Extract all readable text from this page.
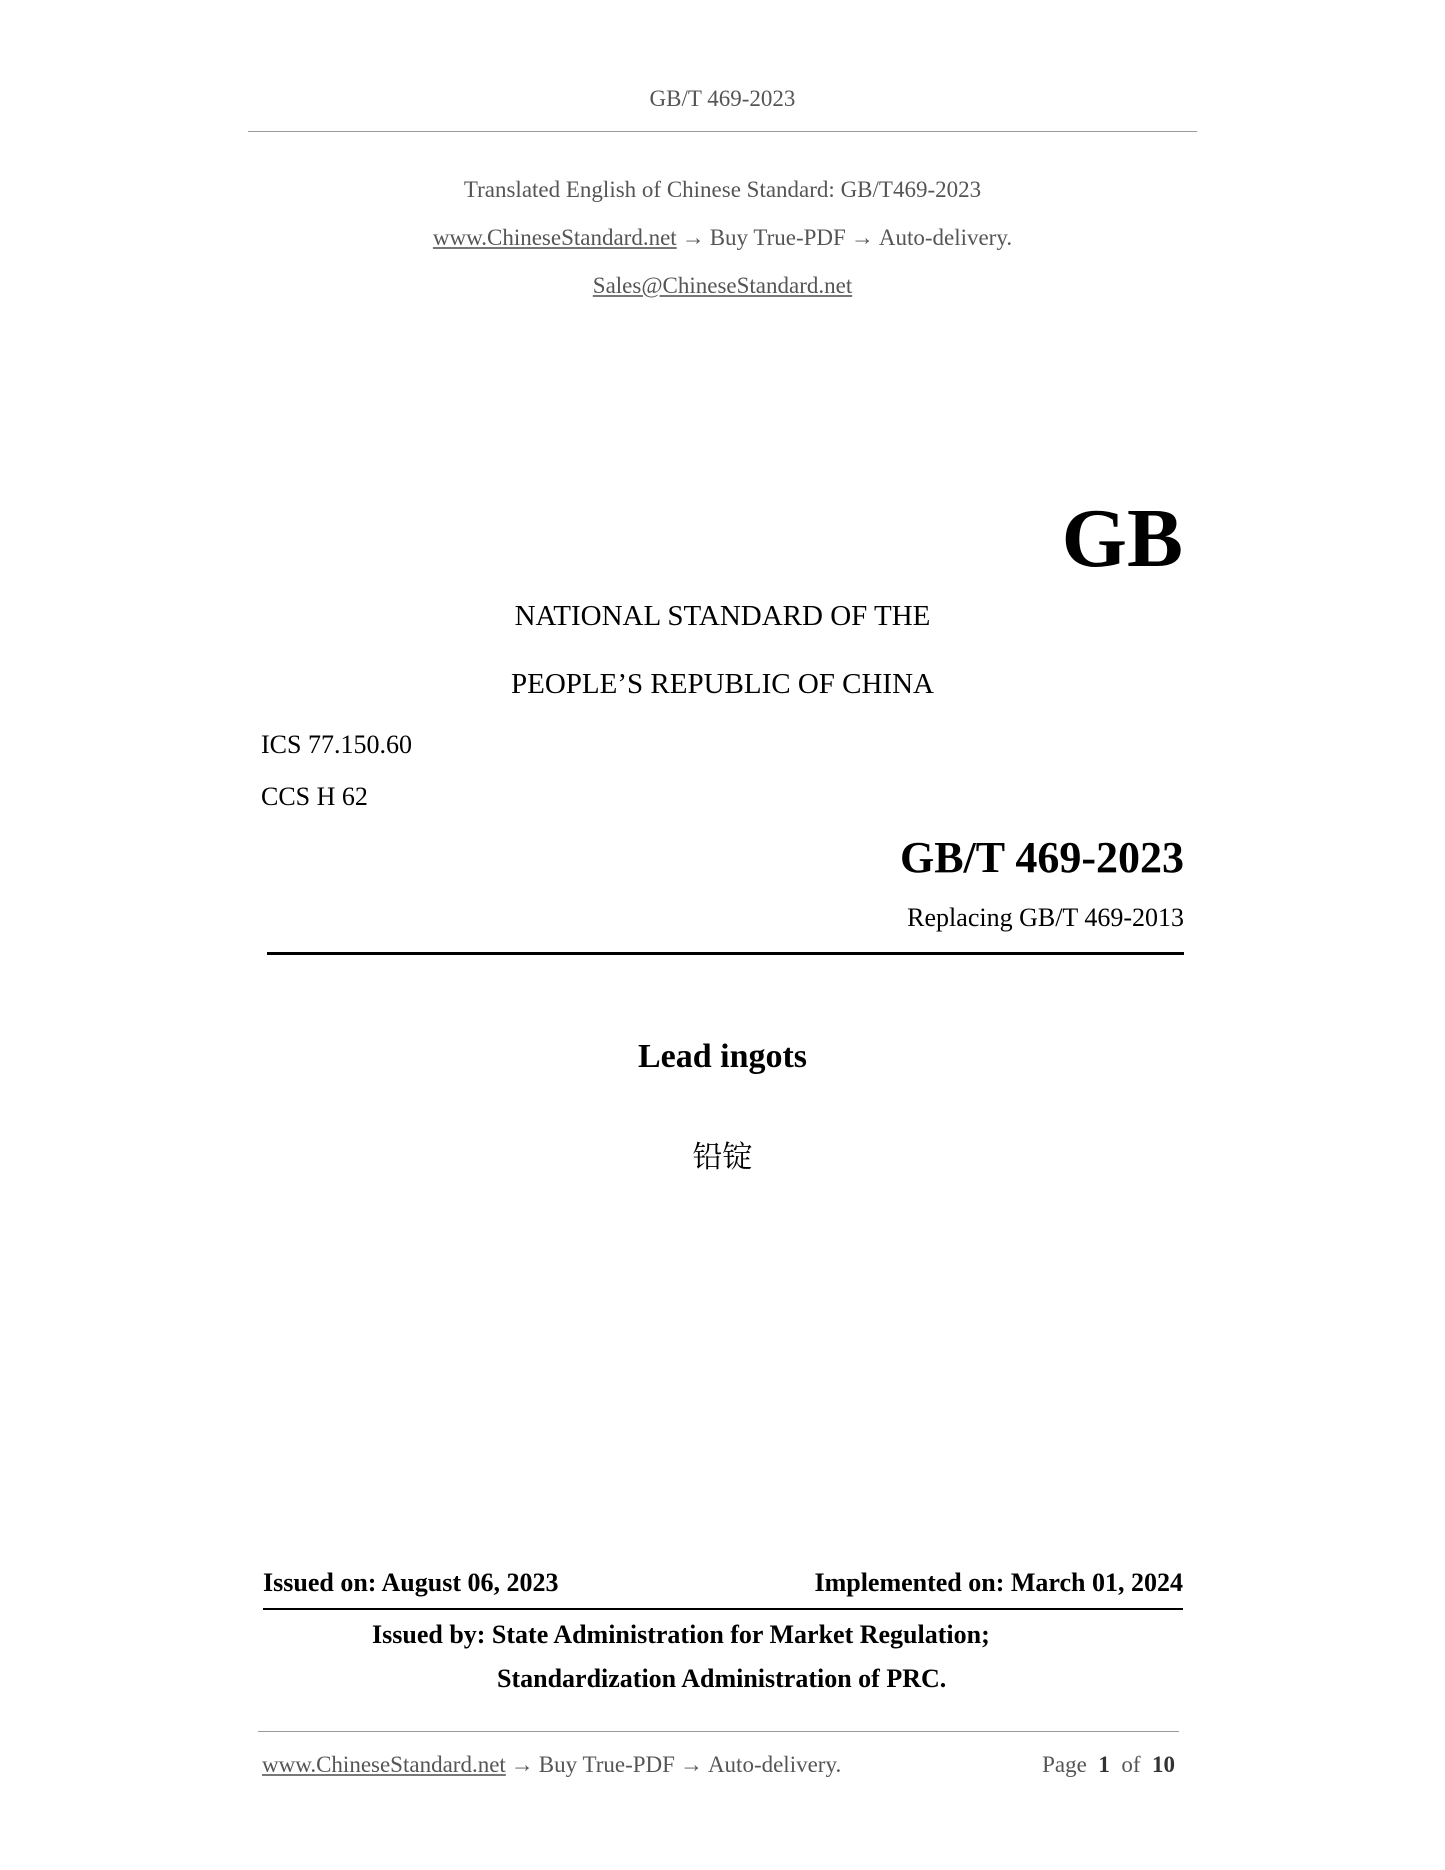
GB/T 469-2023
Translated English of Chinese Standard: GB/T469-2023
www.ChineseStandard.net → Buy True-PDF → Auto-delivery.
Sales@ChineseStandard.net
GB
NATIONAL STANDARD OF THE
PEOPLE’S REPUBLIC OF CHINA
ICS 77.150.60
CCS H 62
GB/T 469-2023
Replacing GB/T 469-2013
Lead ingots
铅锭
Issued on: August 06, 2023	Implemented on: March 01, 2024
Issued by: State Administration for Market Regulation;
Standardization Administration of PRC.
www.ChineseStandard.net → Buy True-PDF → Auto-delivery.	Page 1 of 10
